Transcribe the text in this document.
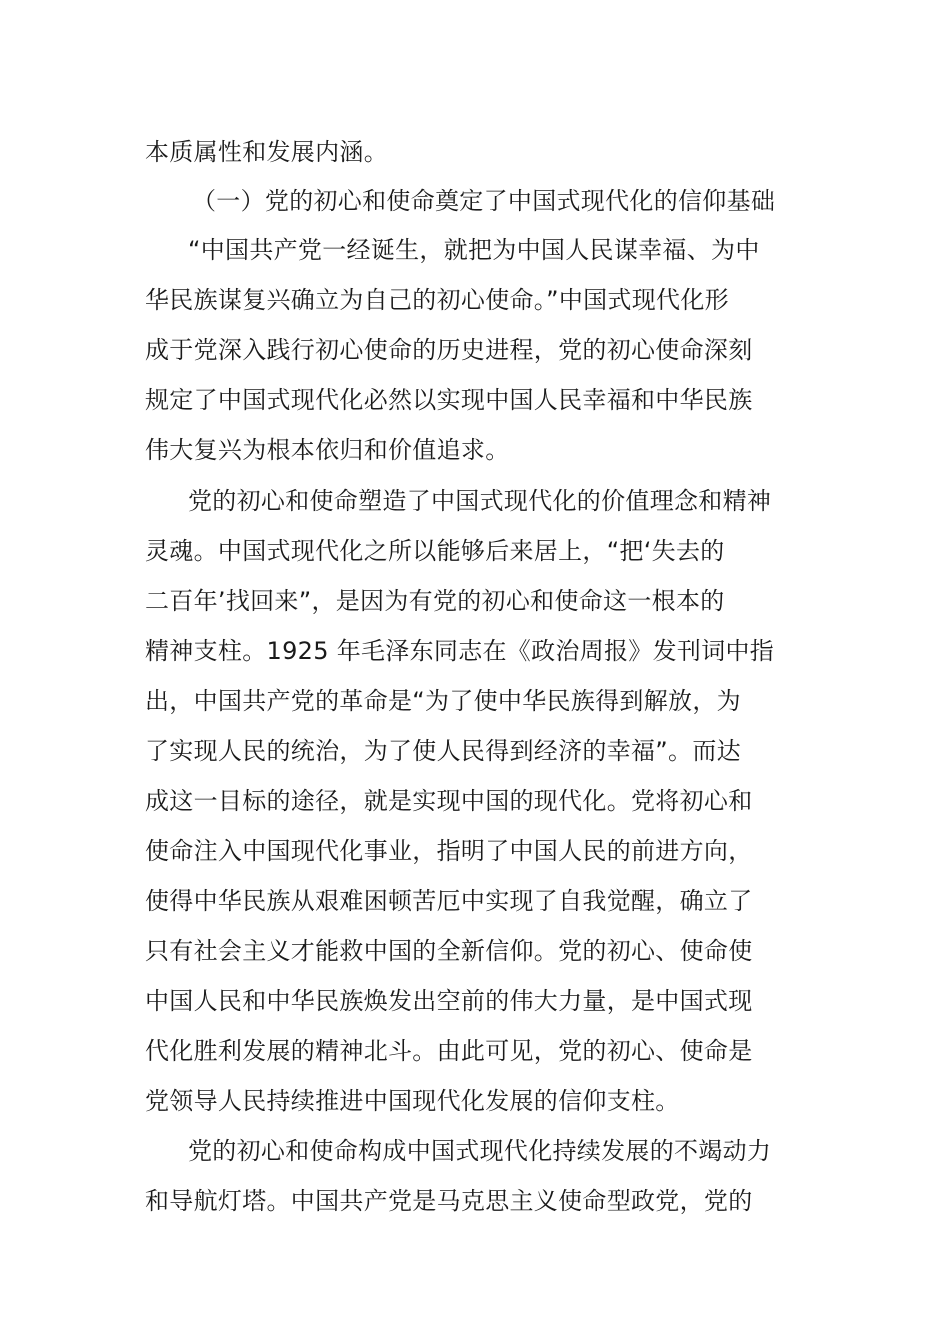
本质属性和发展内涵。
（一）党的初心和使命奠定了中国式现代化的信仰基础
“中国共产党一经诞生，就把为中国人民谋幸福、为中
华民族谋复兴确立为自己的初心使命。”中国式现代化形
成于党深入践行初心使命的历史进程，党的初心使命深刻
规定了中国式现代化必然以实现中国人民幸福和中华民族
伟大复兴为根本依归和价值追求。
党的初心和使命塑造了中国式现代化的价值理念和精神
灵魂。中国式现代化之所以能够后来居上，“把‘失去的
二百年’找回来”，是因为有党的初心和使命这一根本的
精神支柱。1925 年毛泽东同志在《政治周报》发刊词中指
出，中国共产党的革命是“为了使中华民族得到解放，为
了实现人民的统治，为了使人民得到经济的幸福”。而达
成这一目标的途径，就是实现中国的现代化。党将初心和
使命注入中国现代化事业，指明了中国人民的前进方向，
使得中华民族从艰难困顿苦厄中实现了自我觉醒，确立了
只有社会主义才能救中国的全新信仰。党的初心、使命使
中国人民和中华民族焕发出空前的伟大力量，是中国式现
代化胜利发展的精神北斗。由此可见，党的初心、使命是
党领导人民持续推进中国现代化发展的信仰支柱。
党的初心和使命构成中国式现代化持续发展的不竭动力
和导航灯塔。中国共产党是马克思主义使命型政党，党的
